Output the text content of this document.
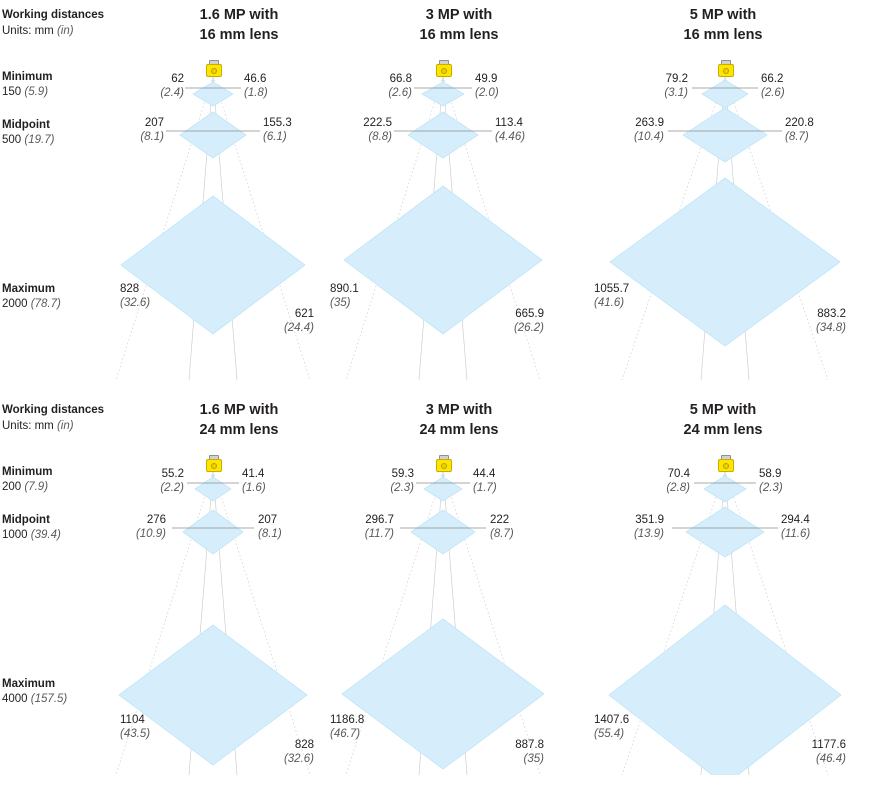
Working distances
Units: mm (in)
Minimum
150 (5.9)
Midpoint
500 (19.7)
Maximum
2000 (78.7)
1.6 MP with
16 mm lens
62
(2.4)
46.6
(1.8)
207
(8.1)
155.3
(6.1)
828
(32.6)
621
(24.4)
3 MP with
16 mm lens
66.8
(2.6)
49.9
(2.0)
222.5
(8.8)
113.4
(4.46)
890.1
(35)
665.9
(26.2)
5 MP with
16 mm lens
79.2
(3.1)
66.2
(2.6)
263.9
(10.4)
220.8
(8.7)
1055.7
(41.6)
883.2
(34.8)
Working distances
Units: mm (in)
Minimum
200 (7.9)
Midpoint
1000 (39.4)
Maximum
4000 (157.5)
1.6 MP with
24 mm lens
55.2
(2.2)
41.4
(1.6)
276
(10.9)
207
(8.1)
1104
(43.5)
828
(32.6)
3 MP with
24 mm lens
59.3
(2.3)
44.4
(1.7)
296.7
(11.7)
222
(8.7)
1186.8
(46.7)
887.8
(35)
5 MP with
24 mm lens
70.4
(2.8)
58.9
(2.3)
351.9
(13.9)
294.4
(11.6)
1407.6
(55.4)
1177.6
(46.4)
